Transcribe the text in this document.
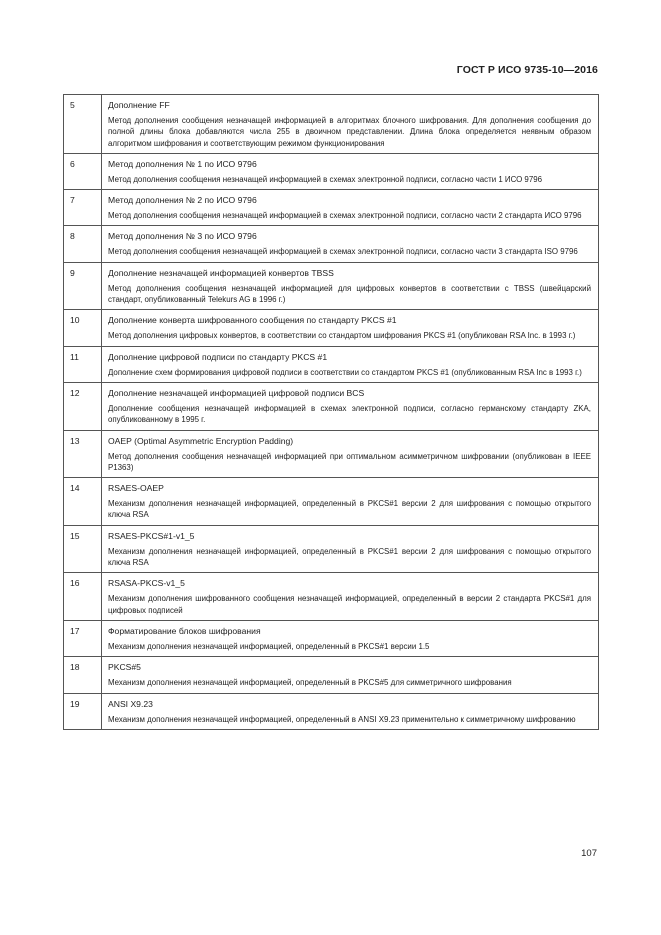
ГОСТ Р ИСО 9735-10—2016
5	Дополнение FF
Метод дополнения сообщения незначащей информацией в алгоритмах блочного шифрования. Для дополнения сообщения до полной длины блока добавляются числа 255 в двоичном представлении. Длина блока определяется неявным образом алгоритмом шифрования и соответствующим режимом функционирования

6	Метод дополнения № 1 по ИСО 9796
Метод дополнения сообщения незначащей информацией в схемах электронной подписи, согласно части 1 ИСО 9796

7	Метод дополнения № 2 по ИСО 9796
Метод дополнения сообщения незначащей информацией в схемах электронной подписи, согласно части 2 стандарта ИСО 9796

8	Метод дополнения № 3 по ИСО 9796
Метод дополнения сообщения незначащей информацией в схемах электронной подписи, согласно части 3 стандарта ISO 9796

9	Дополнение незначащей информацией конвертов TBSS
Метод дополнения сообщения незначащей информацией для цифровых конвертов в соответствии с TBSS (швейцарский стандарт, опубликованный Telekurs AG в 1996 г.)

10	Дополнение конверта шифрованного сообщения по стандарту PKCS #1
Метод дополнения цифровых конвертов, в соответствии со стандартом шифрования PKCS #1 (опубликован RSA Inc. в 1993 г.)

11	Дополнение цифровой подписи по стандарту PKCS #1
Дополнение схем формирования цифровой подписи в соответствии со стандартом PKCS #1 (опубликованным RSA Inc в 1993 г.)

12	Дополнение незначащей информацией цифровой подписи BCS
Дополнение сообщения незначащей информацией в схемах электронной подписи, согласно германскому стандарту ZKA, опубликованному в 1995 г.

13	OAEP (Optimal Asymmetric Encryption Padding)
Метод дополнения сообщения незначащей информацией при оптимальном асимметричном шифровании (опубликован в IEEE P1363)

14	RSAES-OAEP
Механизм дополнения незначащей информацией, определенный в PKCS#1 версии 2 для шифрования с помощью открытого ключа RSA

15	RSAES-PKCS#1-v1_5
Механизм дополнения незначащей информацией, определенный в PKCS#1 версии 2 для шифрования с помощью открытого ключа RSA

16	RSASA-PKCS-v1_5
Механизм дополнения шифрованного сообщения незначащей информацией, определенный в версии 2 стандарта PKCS#1 для цифровых подписей

17	Форматирование блоков шифрования
Механизм дополнения незначащей информацией, определенный в PKCS#1 версии 1.5

18	PKCS#5
Механизм дополнения незначащей информацией, определенный в PKCS#5 для симметричного шифрования

19	ANSI X9.23
Механизм дополнения незначащей информацией, определенный в ANSI X9.23 применительно к симметричному шифрованию
107
